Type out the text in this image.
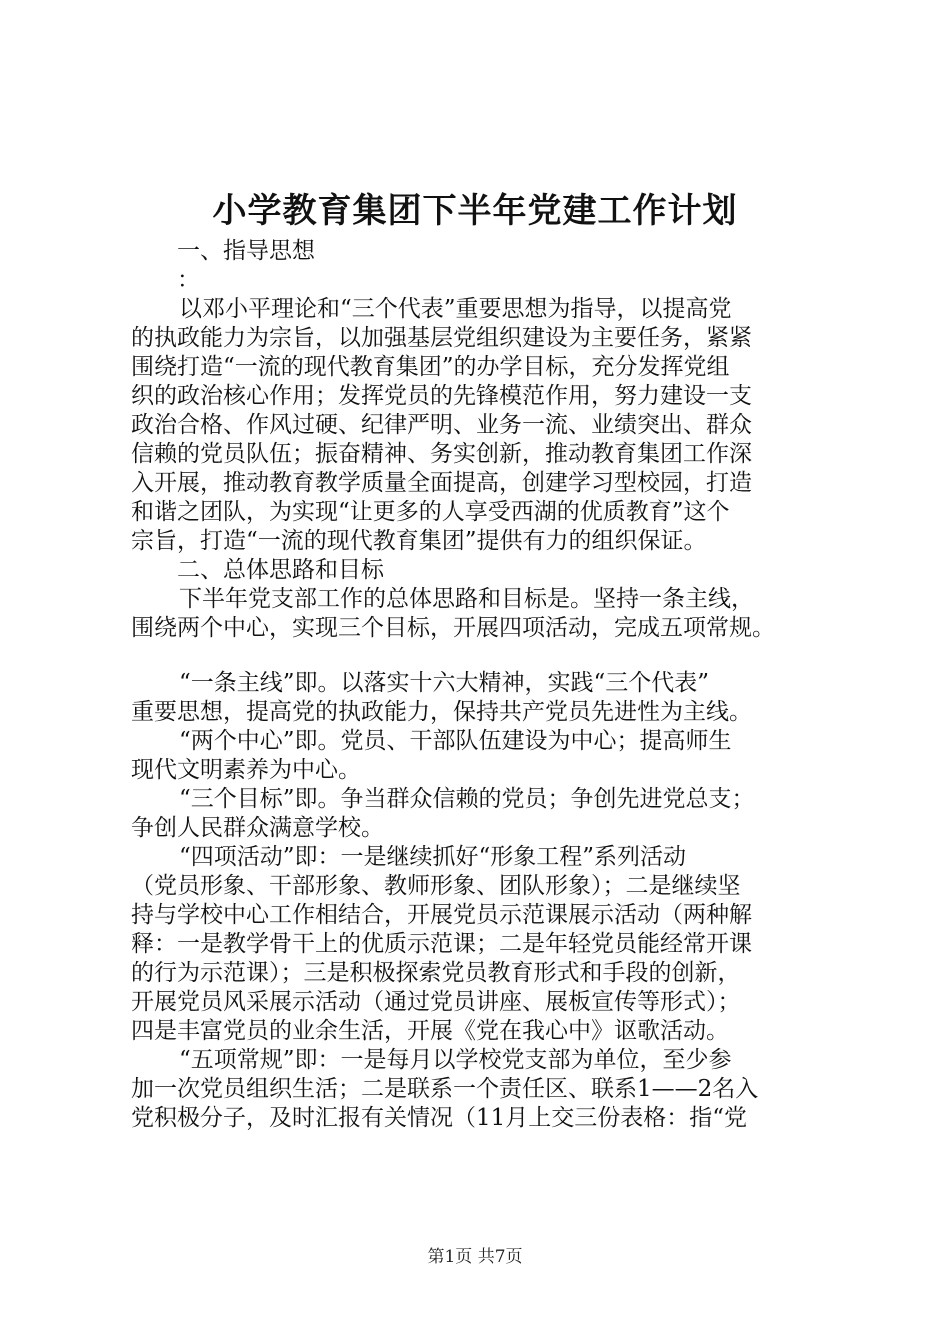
小学教育集团下半年党建工作计划
一、指导思想
：
以邓小平理论和“三个代表”重要思想为指导，以提高党
的执政能力为宗旨，以加强基层党组织建设为主要任务，紧紧
围绕打造“一流的现代教育集团”的办学目标，充分发挥党组
织的政治核心作用；发挥党员的先锋模范作用，努力建设一支
政治合格、作风过硬、纪律严明、业务一流、业绩突出、群众
信赖的党员队伍；振奋精神、务实创新，推动教育集团工作深
入开展，推动教育教学质量全面提高，创建学习型校园，打造
和谐之团队，为实现“让更多的人享受西湖的优质教育”这个
宗旨，打造“一流的现代教育集团”提供有力的组织保证。
二、总体思路和目标
下半年党支部工作的总体思路和目标是。坚持一条主线，
围绕两个中心，实现三个目标，开展四项活动，完成五项常规。
“一条主线”即。以落实十六大精神，实践“三个代表”
重要思想，提高党的执政能力，保持共产党员先进性为主线。
“两个中心”即。党员、干部队伍建设为中心；提高师生
现代文明素养为中心。
“三个目标”即。争当群众信赖的党员；争创先进党总支；
争创人民群众满意学校。
“四项活动”即：一是继续抓好“形象工程”系列活动
（党员形象、干部形象、教师形象、团队形象）；二是继续坚
持与学校中心工作相结合，开展党员示范课展示活动（两种解
释：一是教学骨干上的优质示范课；二是年轻党员能经常开课
的行为示范课）；三是积极探索党员教育形式和手段的创新，
开展党员风采展示活动（通过党员讲座、展板宣传等形式）；
四是丰富党员的业余生活，开展《党在我心中》讴歌活动。
“五项常规”即：一是每月以学校党支部为单位，至少参
加一次党员组织生活；二是联系一个责任区、联系1——2名入
党积极分子，及时汇报有关情况（11月上交三份表格：指“党
第1页 共7页
